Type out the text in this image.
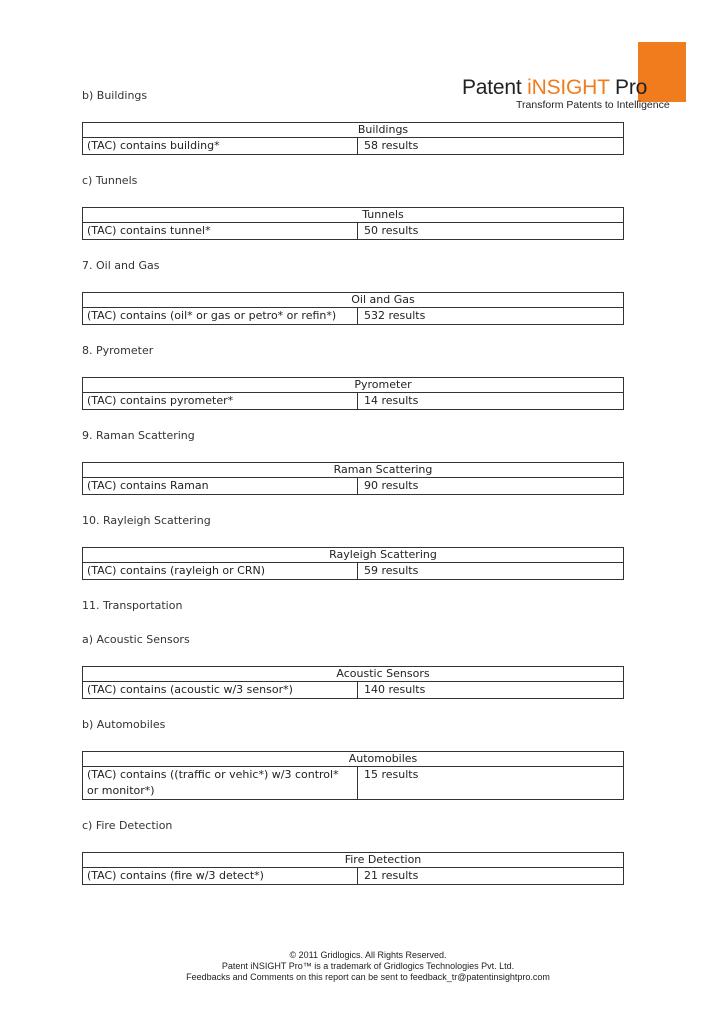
Patent iNSIGHT Pro
Transform Patents to Intelligence

b) Buildings

Buildings
(TAC) contains building*	58 results

c) Tunnels

Tunnels
(TAC) contains tunnel*	50 results

7. Oil and Gas

Oil and Gas
(TAC) contains (oil* or gas or petro* or refin*)	532 results

8. Pyrometer

Pyrometer
(TAC) contains pyrometer*	14 results

9. Raman Scattering

Raman Scattering
(TAC) contains Raman	90 results

10. Rayleigh Scattering

Rayleigh Scattering
(TAC) contains (rayleigh or CRN)	59 results

11. Transportation

a) Acoustic Sensors

Acoustic Sensors
(TAC) contains (acoustic w/3 sensor*)	140 results

b) Automobiles

Automobiles
(TAC) contains ((traffic or vehic*) w/3 control* or monitor*)
15 results

c) Fire Detection

Fire Detection
(TAC) contains (fire w/3 detect*)	21 results
© 2011 Gridlogics. All Rights Reserved.
Patent iNSIGHT Pro™ is a trademark of Gridlogics Technologies Pvt. Ltd.
Feedbacks and Comments on this report can be sent to feedback_tr@patentinsightpro.com
